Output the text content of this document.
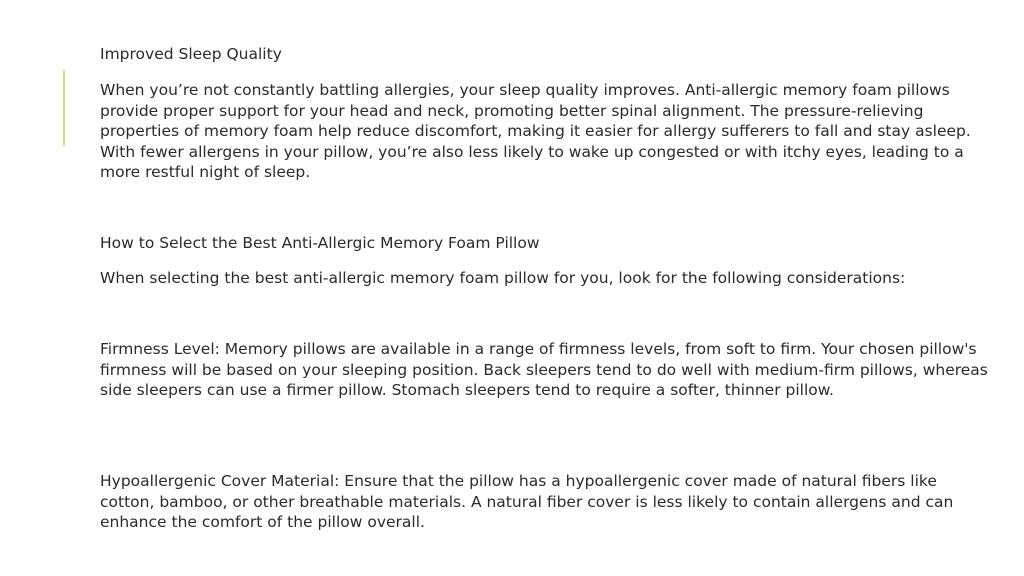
Improved Sleep Quality
When you’re not constantly battling allergies, your sleep quality improves. Anti-allergic memory foam pillows provide proper support for your head and neck, promoting better spinal alignment. The pressure-relieving properties of memory foam help reduce discomfort, making it easier for allergy sufferers to fall and stay asleep. With fewer allergens in your pillow, you’re also less likely to wake up congested or with itchy eyes, leading to a more restful night of sleep.
How to Select the Best Anti-Allergic Memory Foam Pillow
When selecting the best anti-allergic memory foam pillow for you, look for the following considerations:
Firmness Level: Memory pillows are available in a range of firmness levels, from soft to firm. Your chosen pillow's firmness will be based on your sleeping position. Back sleepers tend to do well with medium-firm pillows, whereas side sleepers can use a firmer pillow. Stomach sleepers tend to require a softer, thinner pillow.
Hypoallergenic Cover Material: Ensure that the pillow has a hypoallergenic cover made of natural fibers like cotton, bamboo, or other breathable materials. A natural fiber cover is less likely to contain allergens and can enhance the comfort of the pillow overall.
